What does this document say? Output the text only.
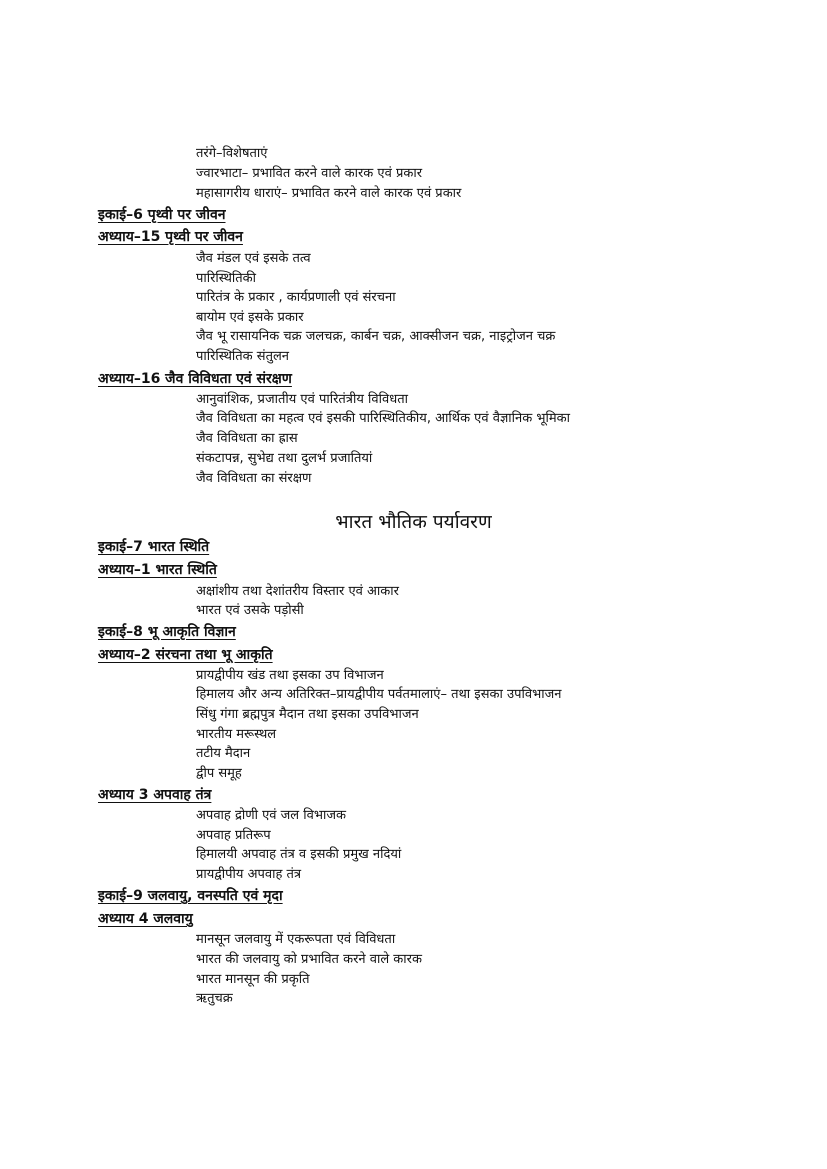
तरंगे–विशेषताएं
ज्वारभाटा– प्रभावित करने वाले कारक एवं प्रकार
महासागरीय धाराएं– प्रभावित करने वाले कारक एवं प्रकार
इकाई–6 पृथ्वी पर जीवन
अध्याय–15 पृथ्वी पर जीवन
जैव मंडल एवं इसके तत्व
पारिस्थितिकी
पारितंत्र के प्रकार , कार्यप्रणाली एवं संरचना
बायोम एवं इसके प्रकार
जैव भू रासायनिक चक्र जलचक्र, कार्बन चक्र, आक्सीजन चक्र, नाइट्रोजन चक्र
पारिस्थितिक संतुलन
अध्याय–16 जैव विविधता एवं संरक्षण
आनुवांशिक, प्रजातीय एवं पारितंत्रीय विविधता
जैव विविधता का महत्व एवं इसकी पारिस्थितिकीय, आर्थिक एवं वैज्ञानिक भूमिका
जैव विविधता का ह्रास
संकटापन्न, सुभेद्य तथा दुलर्भ प्रजातियां
जैव विविधता का संरक्षण
भारत भौतिक पर्यावरण
इकाई–7 भारत स्थिति
अध्याय–1 भारत स्थिति
अक्षांशीय तथा देशांतरीय विस्तार एवं आकार
भारत एवं उसके पड़ोसी
इकाई–8 भू आकृति विज्ञान
अध्याय–2 संरचना तथा भू आकृति
प्रायद्वीपीय खंड तथा इसका उप विभाजन
हिमालय और अन्य अतिरिक्त–प्रायद्वीपीय पर्वतमालाएं– तथा इसका उपविभाजन
सिंधु गंगा ब्रह्मपुत्र मैदान तथा इसका उपविभाजन
भारतीय मरूस्थल
तटीय मैदान
द्वीप समूह
अध्याय 3 अपवाह तंत्र
अपवाह द्रोणी एवं जल विभाजक
अपवाह प्रतिरूप
हिमालयी अपवाह तंत्र व इसकी प्रमुख नदियां
प्रायद्वीपीय अपवाह तंत्र
इकाई–9 जलवायु, वनस्पति एवं मृदा
अध्याय 4 जलवायु
मानसून जलवायु में एकरूपता एवं विविधता
भारत की जलवायु को प्रभावित करने वाले कारक
भारत मानसून की प्रकृति
ऋतुचक्र
